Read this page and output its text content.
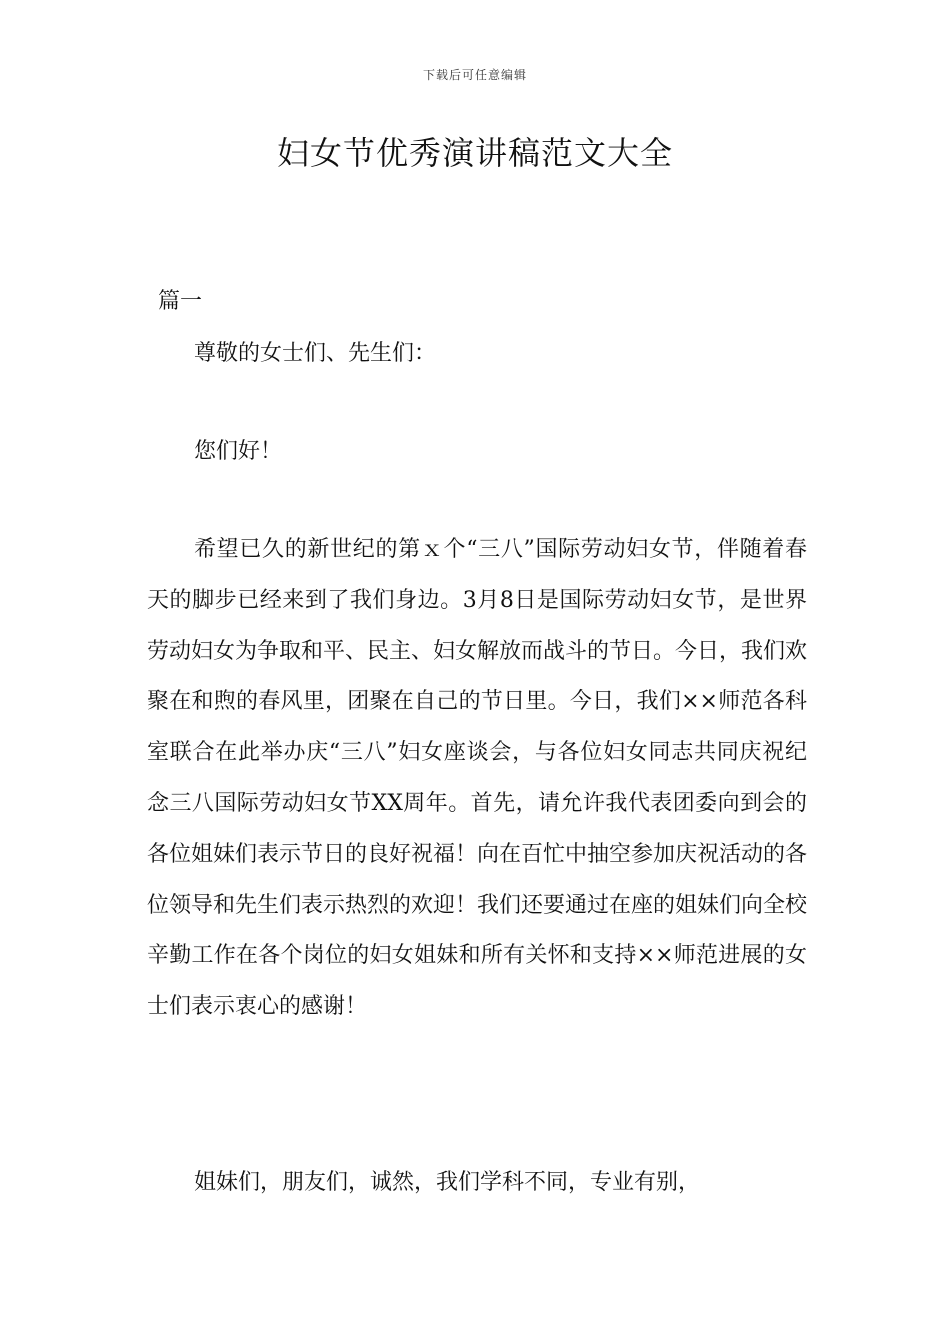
下载后可任意编辑
妇女节优秀演讲稿范文大全
篇一
尊敬的女士们、先生们：
您们好！

希望已久的新世纪的第ｘ个“三八”国际劳动妇女节，伴随着春天的脚步已经来到了我们身边。3月8日是国际劳动妇女节，是世界劳动妇女为争取和平、民主、妇女解放而战斗的节日。今日，我们欢聚在和煦的春风里，团聚在自己的节日里。今日，我们××师范各科室联合在此举办庆“三八”妇女座谈会，与各位妇女同志共同庆祝纪念三八国际劳动妇女节XX周年。首先，请允许我代表团委向到会的各位姐妹们表示节日的良好祝福！向在百忙中抽空参加庆祝活动的各位领导和先生们表示热烈的欢迎！我们还要通过在座的姐妹们向全校辛勤工作在各个岗位的妇女姐妹和所有关怀和支持××师范进展的女士们表示衷心的感谢！

姐妹们，朋友们，诚然，我们学科不同，专业有别，
